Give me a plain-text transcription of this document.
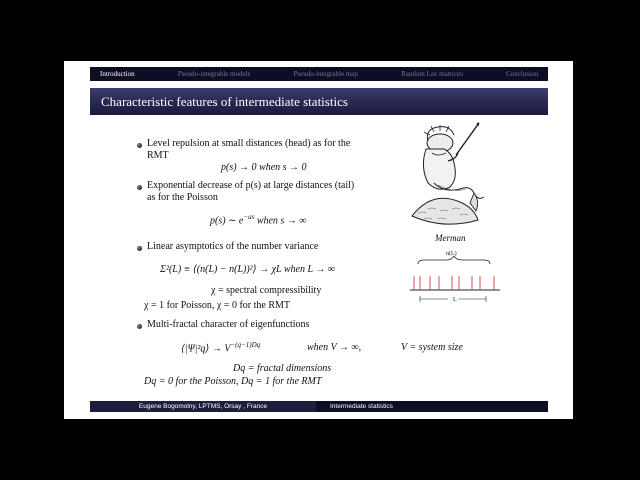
Introduction	Pseudo-integrable models	Pseudo-integrable map	Random Lax matrices	Conclusion
Characteristic features of intermediate statistics
Level repulsion at small distances (head) as for the
RMT
p(s) → 0 when s → 0
Exponential decrease of p(s) at large distances (tail)
as for the Poisson
p(s) ∼ $e^{-as}$ when s → ∞
Linear asymptotics of the number variance
Σ²(L) ≡ ⟨(n(L) − n(L))²⟩ → χL when L → ∞
χ = spectral compressibility
χ = 1 for Poisson, χ = 0 for the RMT
Multi-fractal character of eigenfunctions
⟨|Ψ|²q⟩ → $V^{-(q-1)Dq}$	when V → ∞,	V = system size
Dq = fractal dimensions
Dq = 0 for the Poisson, Dq = 1 for the RMT
Merman
n(L)
L
Eugene Bogomolny, LPTMS, Orsay , France	Intermediate statistics
